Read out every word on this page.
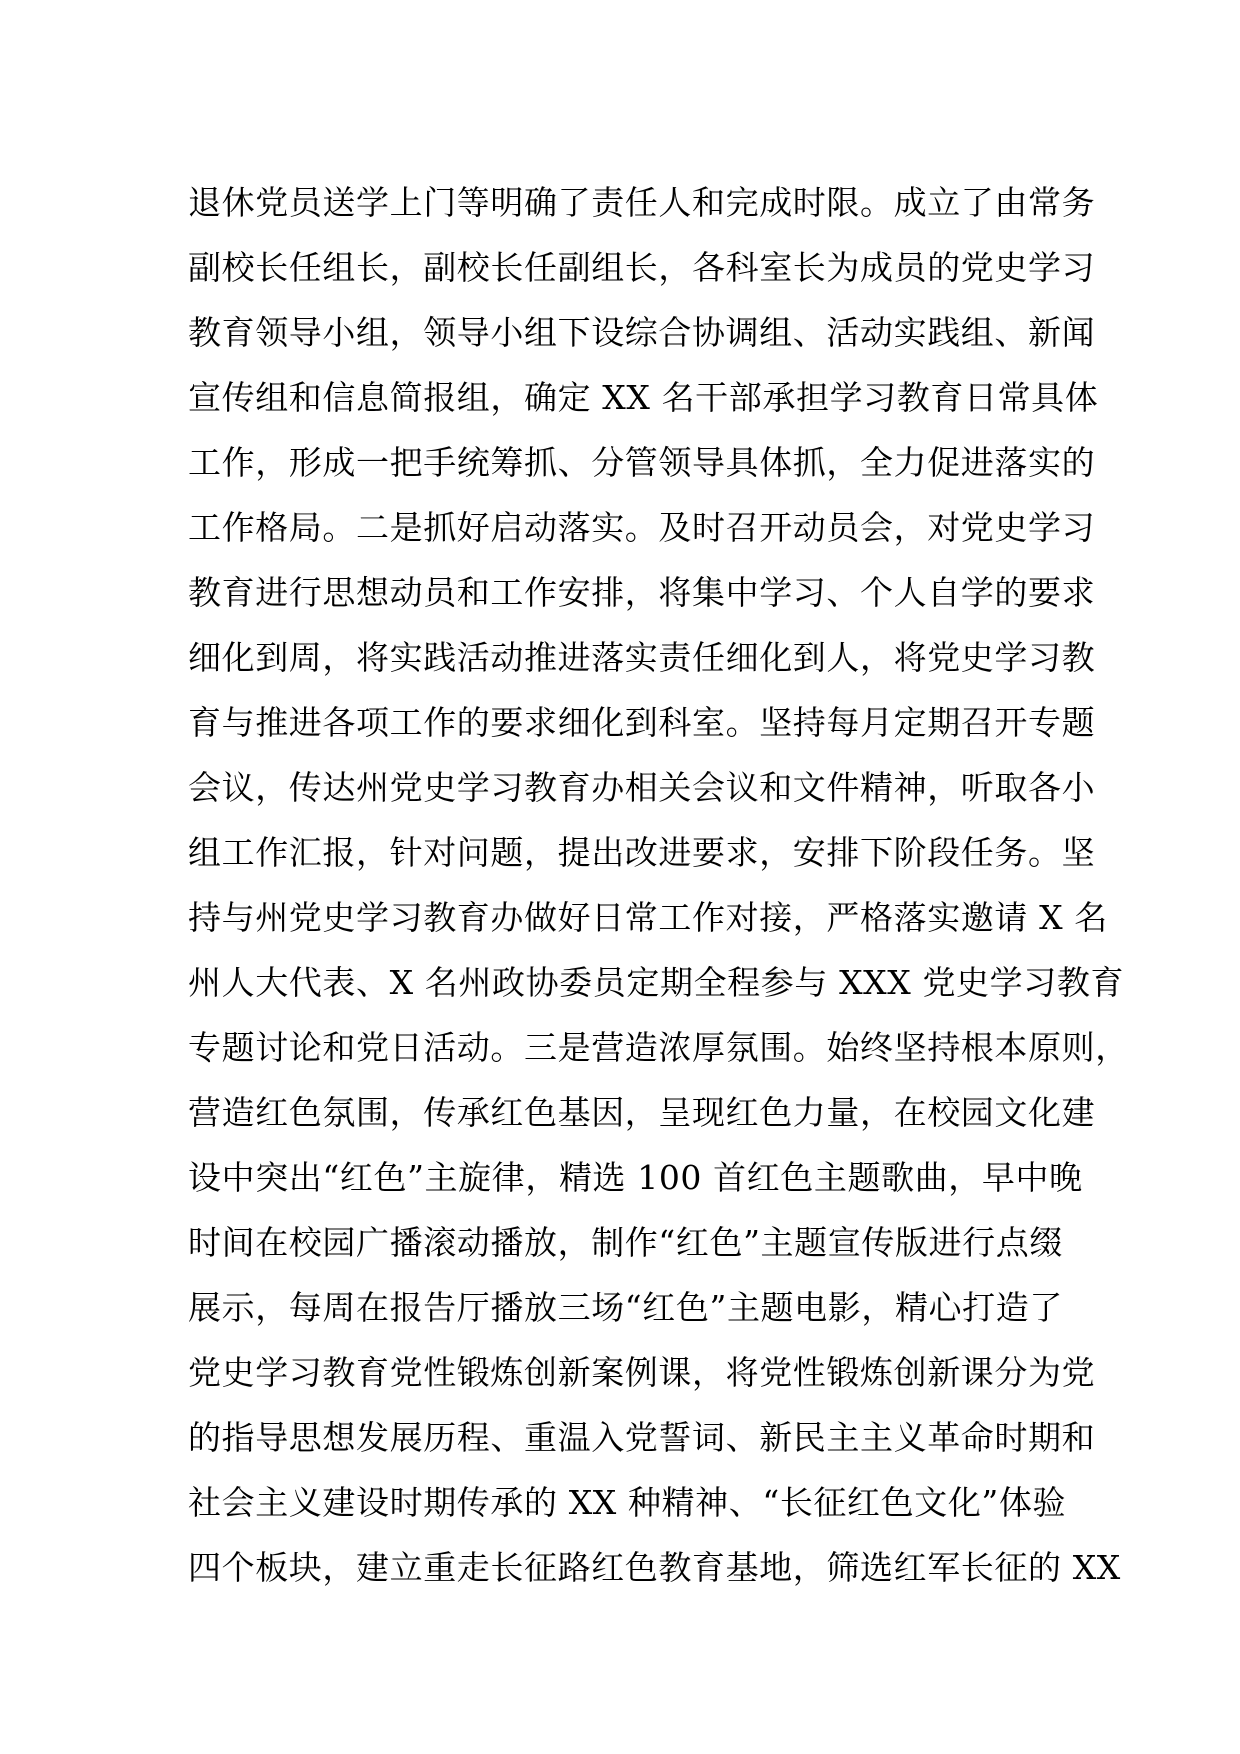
退休党员送学上门等明确了责任人和完成时限。成立了由常务
副校长任组长，副校长任副组长，各科室长为成员的党史学习
教育领导小组，领导小组下设综合协调组、活动实践组、新闻
宣传组和信息简报组，确定 XX 名干部承担学习教育日常具体
工作，形成一把手统筹抓、分管领导具体抓，全力促进落实的
工作格局。二是抓好启动落实。及时召开动员会，对党史学习
教育进行思想动员和工作安排，将集中学习、个人自学的要求
细化到周，将实践活动推进落实责任细化到人，将党史学习教
育与推进各项工作的要求细化到科室。坚持每月定期召开专题
会议，传达州党史学习教育办相关会议和文件精神，听取各小
组工作汇报，针对问题，提出改进要求，安排下阶段任务。坚
持与州党史学习教育办做好日常工作对接，严格落实邀请 X 名
州人大代表、X 名州政协委员定期全程参与 XXX 党史学习教育
专题讨论和党日活动。三是营造浓厚氛围。始终坚持根本原则，
营造红色氛围，传承红色基因，呈现红色力量，在校园文化建
设中突出“红色”主旋律，精选 100 首红色主题歌曲，早中晚
时间在校园广播滚动播放，制作“红色”主题宣传版进行点缀
展示，每周在报告厅播放三场“红色”主题电影，精心打造了
党史学习教育党性锻炼创新案例课，将党性锻炼创新课分为党
的指导思想发展历程、重温入党誓词、新民主主义革命时期和
社会主义建设时期传承的 XX 种精神、“长征红色文化”体验
四个板块，建立重走长征路红色教育基地，筛选红军长征的 XX
